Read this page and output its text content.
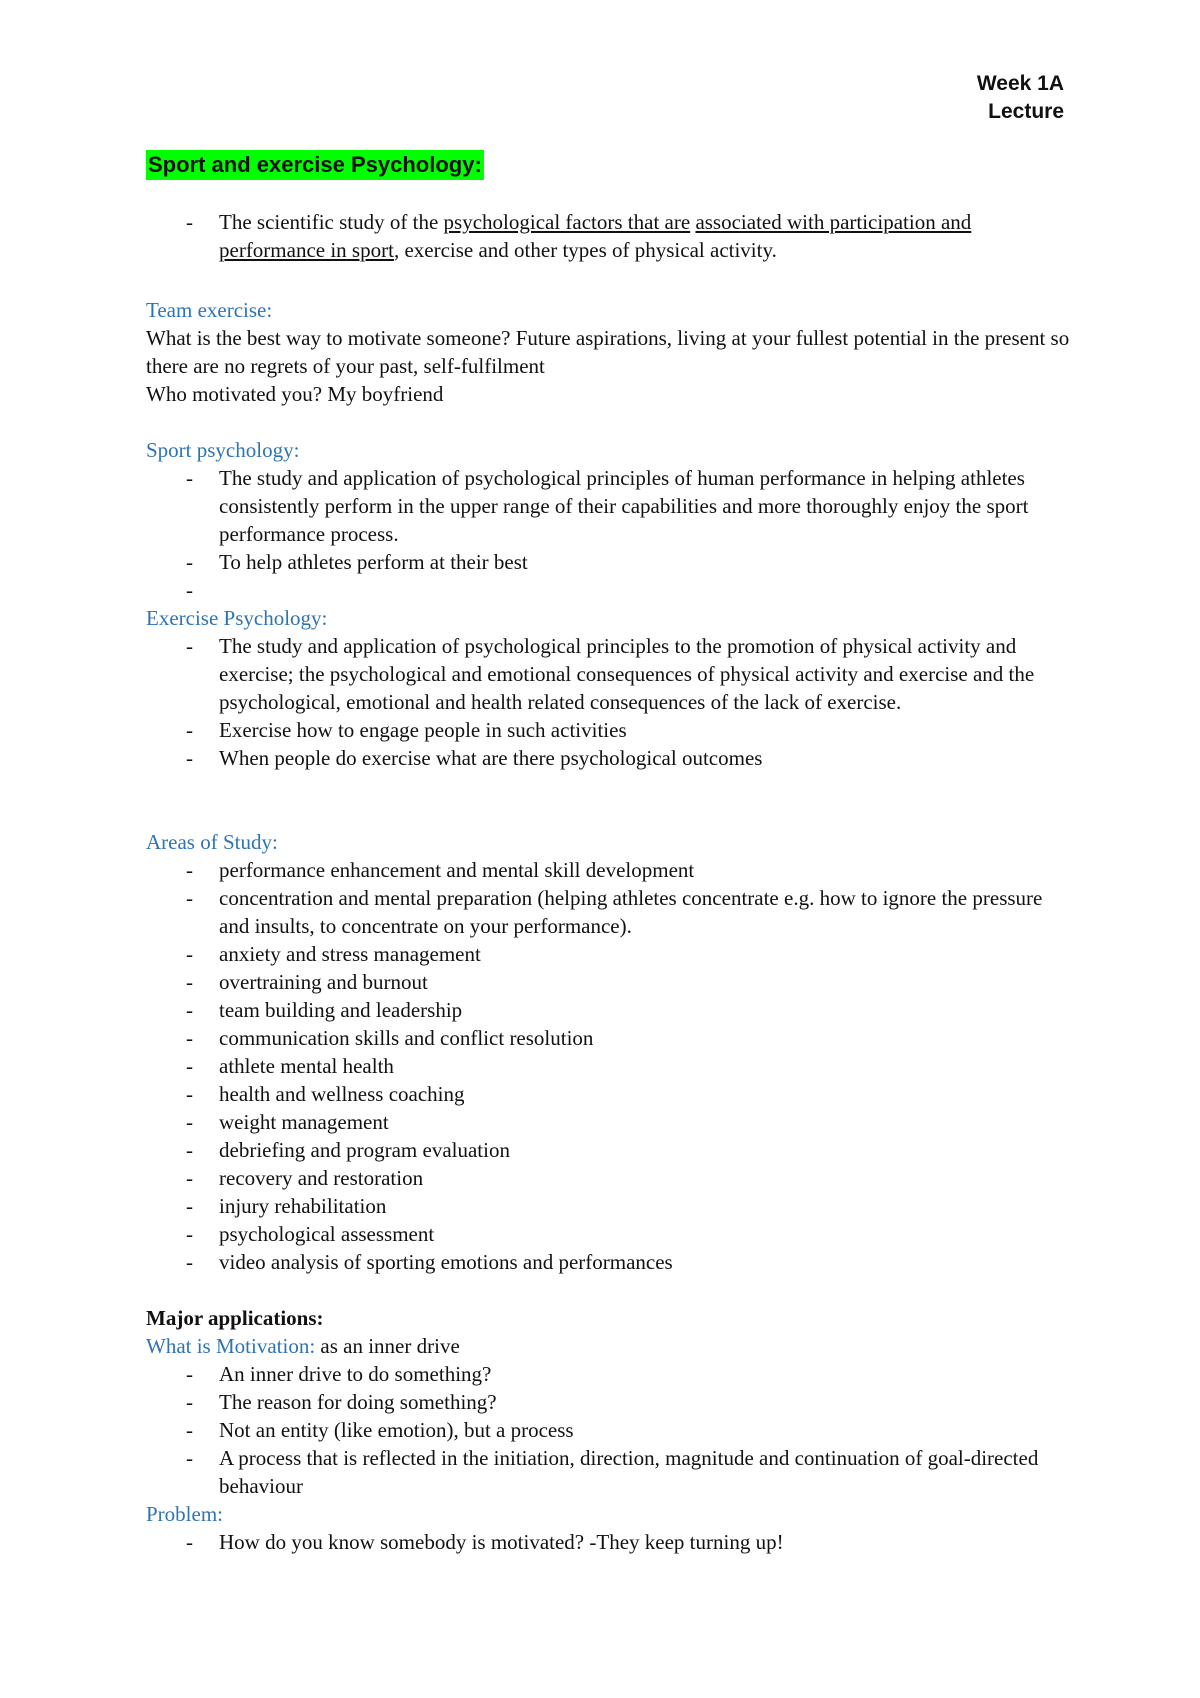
Week 1A
Lecture
Sport and exercise Psychology:
- The scientific study of the psychological factors that are associated with participation and performance in sport, exercise and other types of physical activity.

Team exercise:

What is the best way to motivate someone? Future aspirations, living at your fullest potential in the present so there are no regrets of your past, self-fulfilment

Who motivated you? My boyfriend

Sport psychology:

- The study and application of psychological principles of human performance in helping athletes consistently perform in the upper range of their capabilities and more thoroughly enjoy the sport performance process.
- To help athletes perform at their best
-

Exercise Psychology:

- The study and application of psychological principles to the promotion of physical activity and exercise; the psychological and emotional consequences of physical activity and exercise and the psychological, emotional and health related consequences of the lack of exercise.
- Exercise how to engage people in such activities
- When people do exercise what are there psychological outcomes

Areas of Study:

- performance enhancement and mental skill development
- concentration and mental preparation (helping athletes concentrate e.g. how to ignore the pressure and insults, to concentrate on your performance).
- anxiety and stress management
- overtraining and burnout
- team building and leadership
- communication skills and conflict resolution
- athlete mental health
- health and wellness coaching
- weight management
- debriefing and program evaluation
- recovery and restoration
- injury rehabilitation
- psychological assessment
- video analysis of sporting emotions and performances

Major applications:

What is Motivation: as an inner drive

- An inner drive to do something?
- The reason for doing something?
- Not an entity (like emotion), but a process
- A process that is reflected in the initiation, direction, magnitude and continuation of goal-directed behaviour

Problem:

- How do you know somebody is motivated? -They keep turning up!
